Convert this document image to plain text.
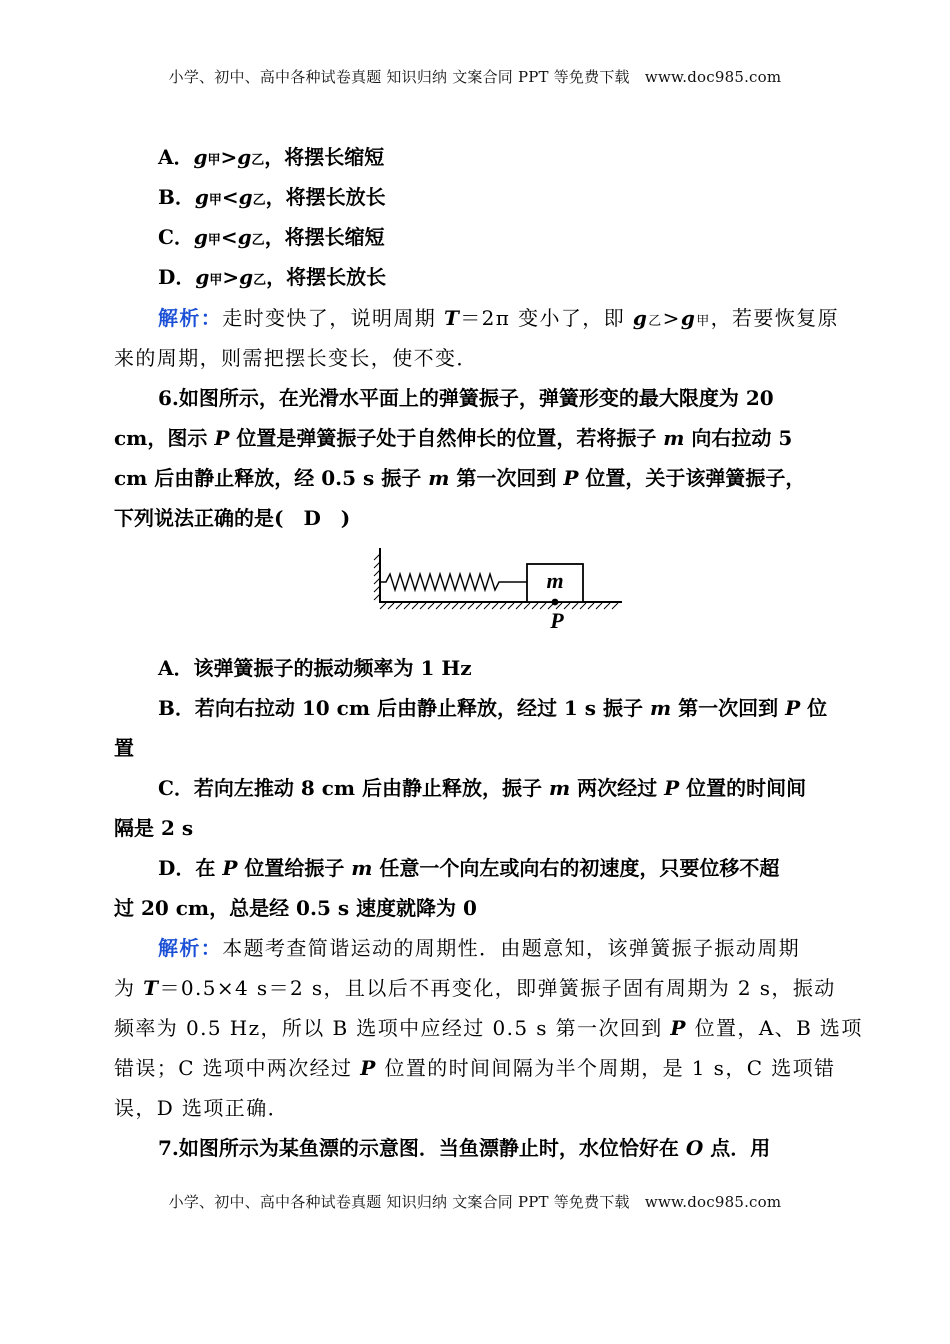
小学、初中、高中各种试卷真题 知识归纳 文案合同 PPT 等免费下载　www.doc985.com
A．g甲>g乙，将摆长缩短
B．g甲<g乙，将摆长放长
C．g甲<g乙，将摆长缩短
D．g甲>g乙，将摆长放长
解析：走时变快了，说明周期 T＝2π 变小了，即 g乙>g甲，若要恢复原
来的周期，则需把摆长变长，使不变．
6.如图所示，在光滑水平面上的弹簧振子，弹簧形变的最大限度为 20
cm，图示 P 位置是弹簧振子处于自然伸长的位置，若将振子 m 向右拉动 5
cm 后由静止释放，经 0.5 s 振子 m 第一次回到 P 位置，关于该弹簧振子，
下列说法正确的是(　D　)
m
P
A．该弹簧振子的振动频率为 1 Hz
B．若向右拉动 10 cm 后由静止释放，经过 1 s 振子 m 第一次回到 P 位
置
C．若向左推动 8 cm 后由静止释放，振子 m 两次经过 P 位置的时间间
隔是 2 s
D．在 P 位置给振子 m 任意一个向左或向右的初速度，只要位移不超
过 20 cm，总是经 0.5 s 速度就降为 0
解析：本题考查简谐运动的周期性．由题意知，该弹簧振子振动周期
为 T＝0.5×4 s＝2 s，且以后不再变化，即弹簧振子固有周期为 2 s，振动
频率为 0.5 Hz，所以 B 选项中应经过 0.5 s 第一次回到 P 位置，A、B 选项
错误；C 选项中两次经过 P 位置的时间间隔为半个周期，是 1 s，C 选项错
误，D 选项正确．
7.如图所示为某鱼漂的示意图．当鱼漂静止时，水位恰好在 O 点．用
小学、初中、高中各种试卷真题 知识归纳 文案合同 PPT 等免费下载　www.doc985.com
